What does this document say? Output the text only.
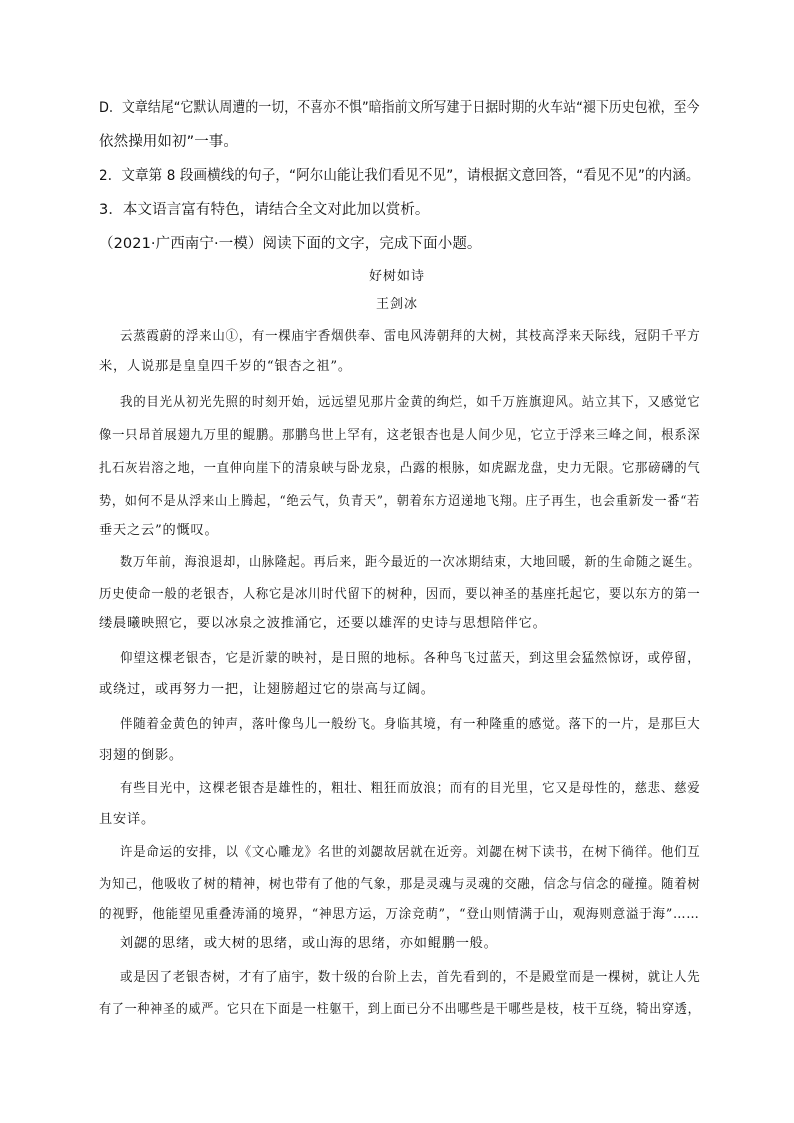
D．文章结尾“它默认周遭的一切，不喜亦不惧”暗指前文所写建于日据时期的火车站“褪下历史包袱，至今
依然操用如初”一事。
2．文章第 8 段画横线的句子，“阿尔山能让我们看见不见”，请根据文意回答，“看见不见”的内涵。
3．本文语言富有特色，请结合全文对此加以赏析。
（2021·广西南宁·一模）阅读下面的文字，完成下面小题。
好树如诗
王剑冰
云蒸霞蔚的浮来山①，有一棵庙宇香烟供奉、雷电风涛朝拜的大树，其枝高浮来天际线，冠阴千平方
米，人说那是皇皇四千岁的“银杏之祖”。
我的目光从初光先照的时刻开始，远远望见那片金黄的绚烂，如千万旌旗迎风。站立其下，又感觉它
像一只昂首展翅九万里的鲲鹏。那鹏鸟世上罕有，这老银杏也是人间少见，它立于浮来三峰之间，根系深
扎石灰岩溶之地，一直伸向崖下的清泉峡与卧龙泉，凸露的根脉，如虎踞龙盘，史力无限。它那磅礴的气
势，如何不是从浮来山上腾起，“绝云气，负青天”，朝着东方迢递地飞翔。庄子再生，也会重新发一番“若
垂天之云”的慨叹。
数万年前，海浪退却，山脉隆起。再后来，距今最近的一次冰期结束，大地回暖，新的生命随之诞生。
历史使命一般的老银杏，人称它是冰川时代留下的树种，因而，要以神圣的基座托起它，要以东方的第一
缕晨曦映照它，要以冰泉之波推涌它，还要以雄浑的史诗与思想陪伴它。
仰望这棵老银杏，它是沂蒙的映衬，是日照的地标。各种鸟飞过蓝天，到这里会猛然惊讶，或停留，
或绕过，或再努力一把，让翅膀超过它的崇高与辽阔。
伴随着金黄色的钟声，落叶像鸟儿一般纷飞。身临其境，有一种隆重的感觉。落下的一片，是那巨大
羽翅的倒影。
有些目光中，这棵老银杏是雄性的，粗壮、粗狂而放浪；而有的目光里，它又是母性的，慈悲、慈爱
且安详。
许是命运的安排，以《文心雕龙》名世的刘勰故居就在近旁。刘勰在树下读书，在树下徜徉。他们互
为知己，他吸收了树的精神，树也带有了他的气象，那是灵魂与灵魂的交融，信念与信念的碰撞。随着树
的视野，他能望见重叠涛涌的境界，“神思方运，万涂竞萌”，“登山则情满于山，观海则意溢于海”……
刘勰的思绪，或大树的思绪，或山海的思绪，亦如鲲鹏一般。
或是因了老银杏树，才有了庙宇，数十级的台阶上去，首先看到的，不是殿堂而是一棵树，就让人先
有了一种神圣的威严。它只在下面是一柱躯干，到上面已分不出哪些是干哪些是枝，枝干互绕，犄出穿透，
